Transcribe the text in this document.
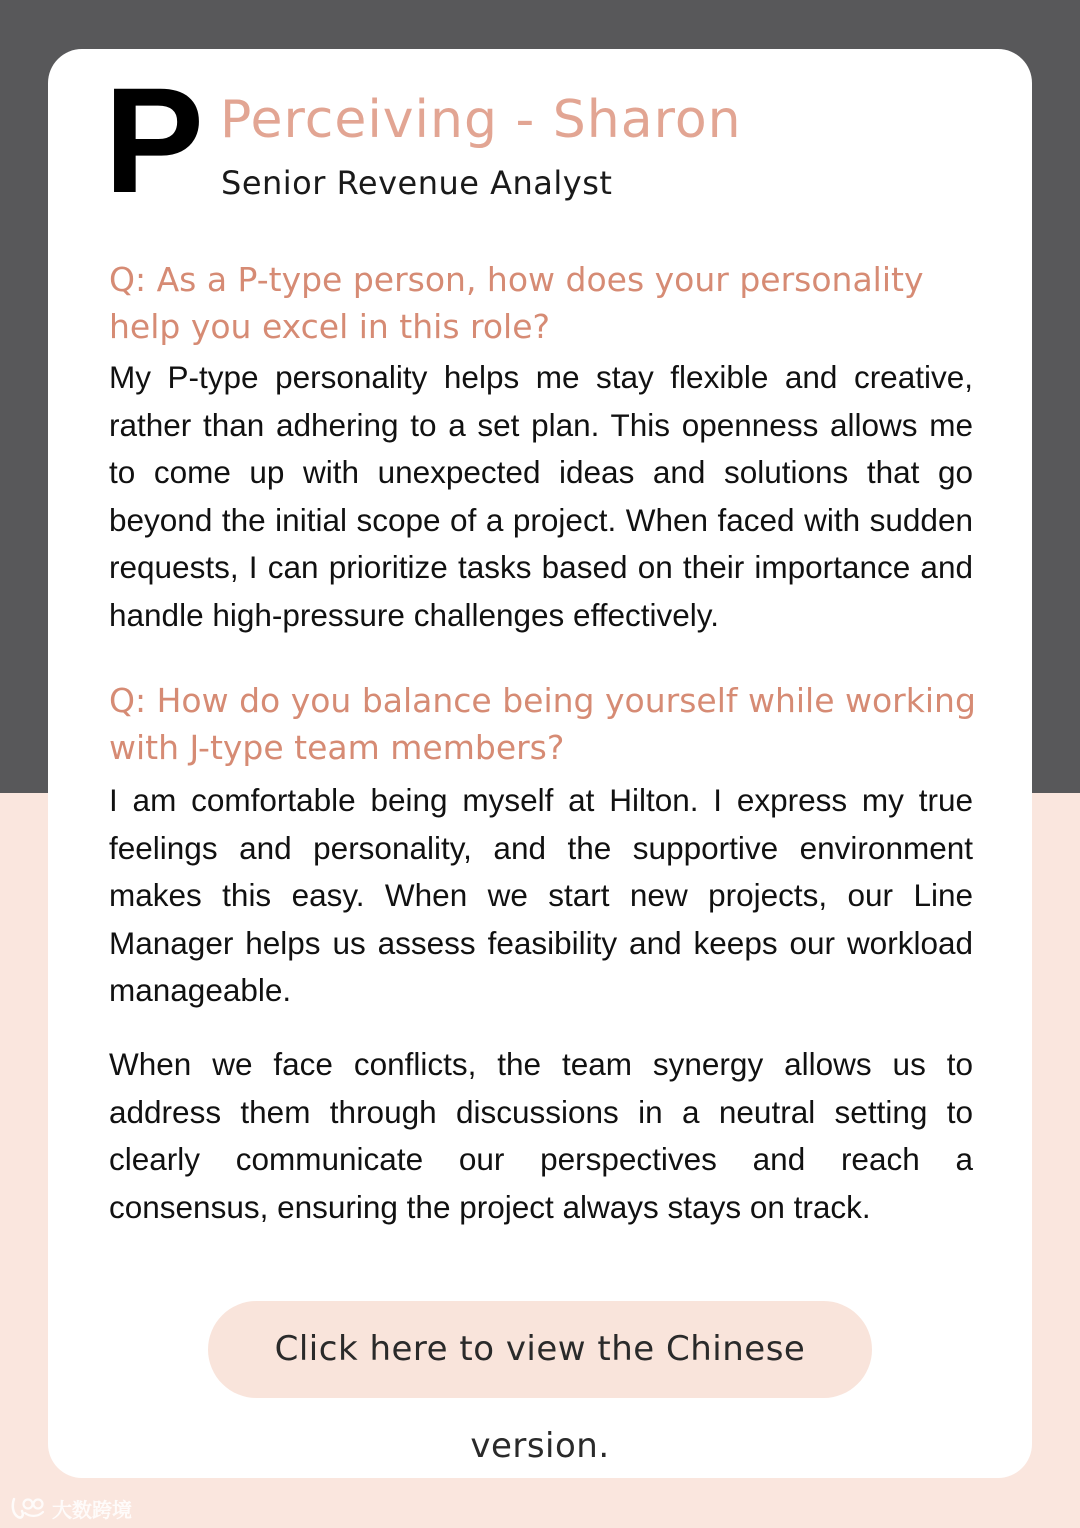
P Perceiving - Sharon
Senior Revenue Analyst

Q: As a P-type person, how does your personality help you excel in this role?

My P-type personality helps me stay flexible and creative, rather than adhering to a set plan. This openness allows me to come up with unexpected ideas and solutions that go beyond the initial scope of a project. When faced with sudden requests, I can prioritize tasks based on their importance and handle high-pressure challenges effectively.

Q: How do you balance being yourself while working with J-type team members?

I am comfortable being myself at Hilton. I express my true feelings and personality, and the supportive environment makes this easy. When we start new projects, our Line Manager helps us assess feasibility and keeps our workload manageable.

When we face conflicts, the team synergy allows us to address them through discussions in a neutral setting to clearly communicate our perspectives and reach a consensus, ensuring the project always stays on track.

Click here to view the Chinese version.
大数跨境
